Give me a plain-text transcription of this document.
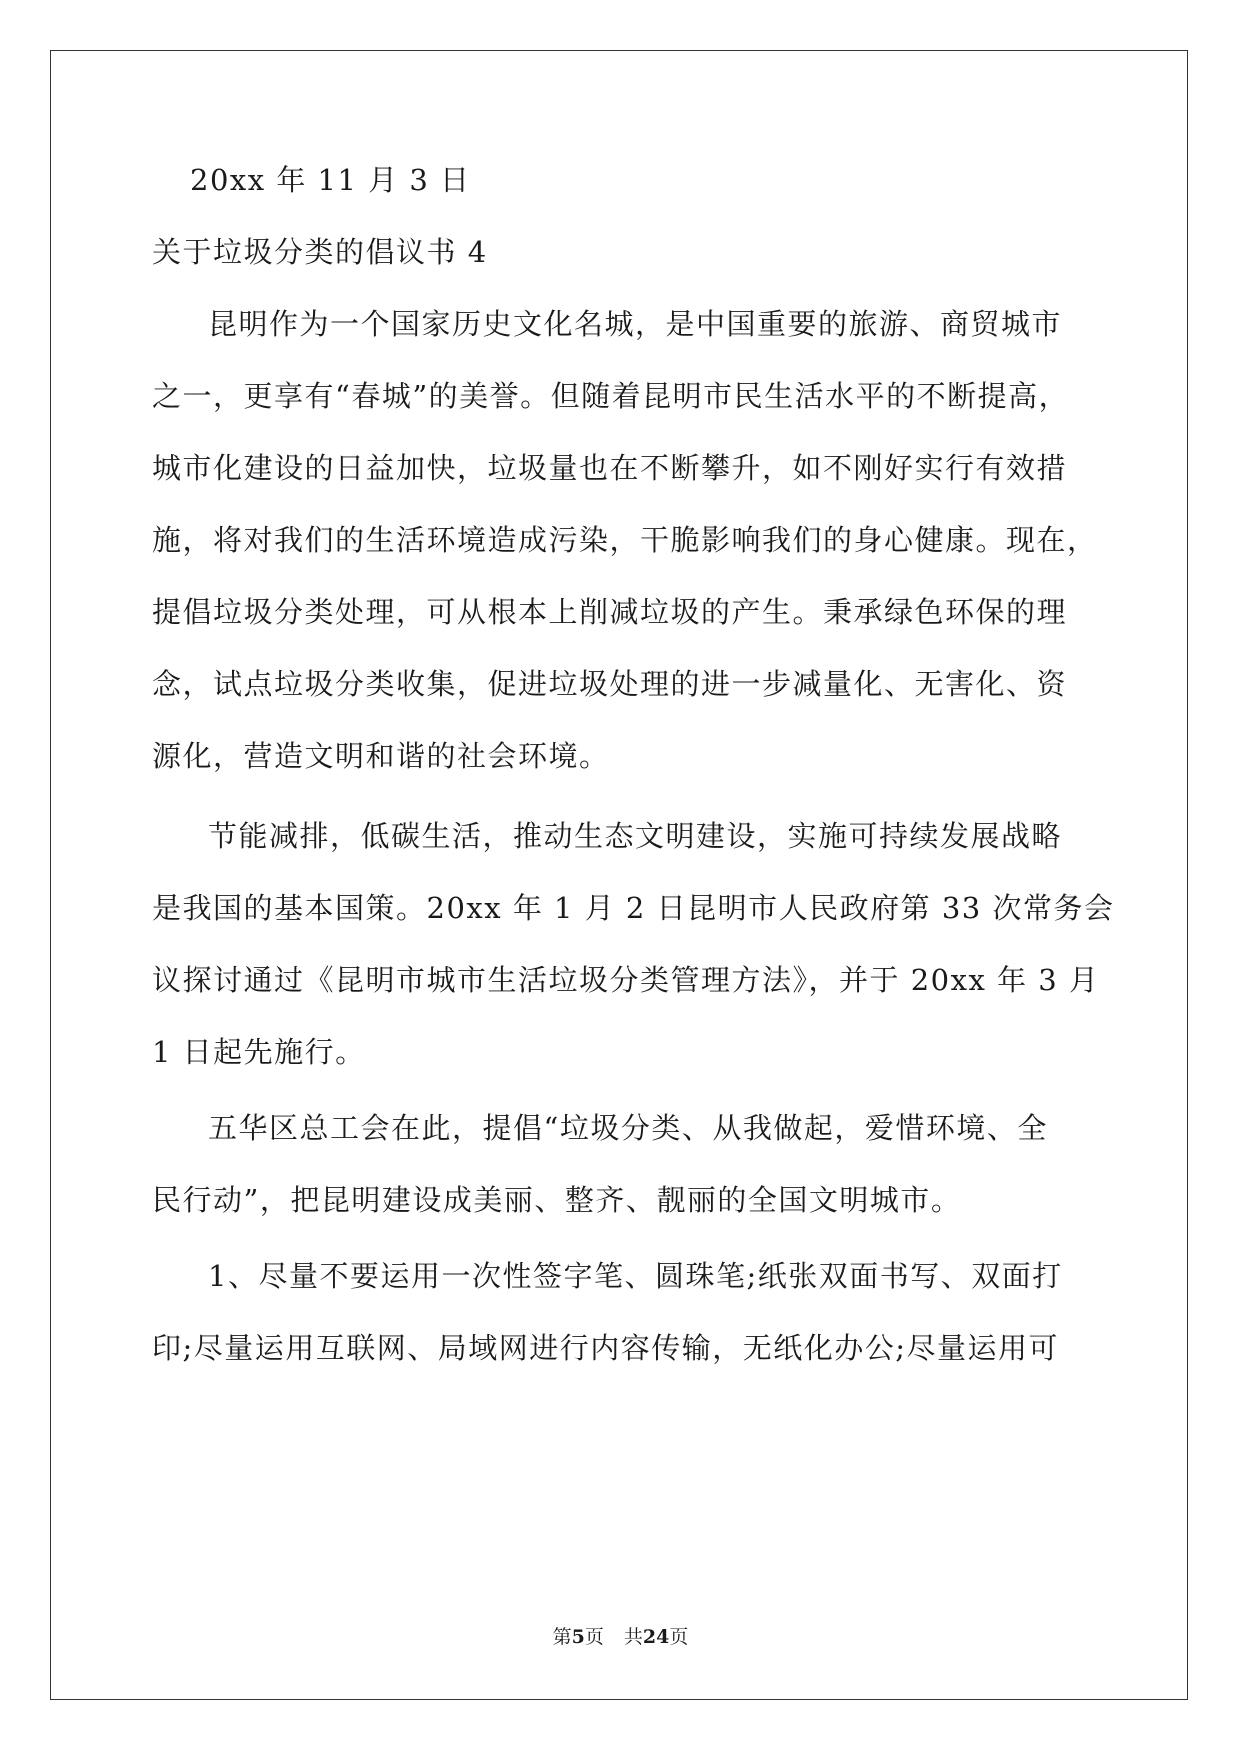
20xx 年 11 月 3 日
关于垃圾分类的倡议书 4
昆明作为一个国家历史文化名城，是中国重要的旅游、商贸城市
之一，更享有“春城”的美誉。但随着昆明市民生活水平的不断提高，
城市化建设的日益加快，垃圾量也在不断攀升，如不刚好实行有效措
施，将对我们的生活环境造成污染，干脆影响我们的身心健康。现在，
提倡垃圾分类处理，可从根本上削减垃圾的产生。秉承绿色环保的理
念，试点垃圾分类收集，促进垃圾处理的进一步减量化、无害化、资
源化，营造文明和谐的社会环境。
节能减排，低碳生活，推动生态文明建设，实施可持续发展战略
是我国的基本国策。20xx 年 1 月 2 日昆明市人民政府第 33 次常务会
议探讨通过《昆明市城市生活垃圾分类管理方法》，并于 20xx 年 3 月
1 日起先施行。
五华区总工会在此，提倡“垃圾分类、从我做起，爱惜环境、全
民行动”，把昆明建设成美丽、整齐、靓丽的全国文明城市。
1、尽量不要运用一次性签字笔、圆珠笔;纸张双面书写、双面打
印;尽量运用互联网、局域网进行内容传输，无纸化办公;尽量运用可
第5页 共24页
